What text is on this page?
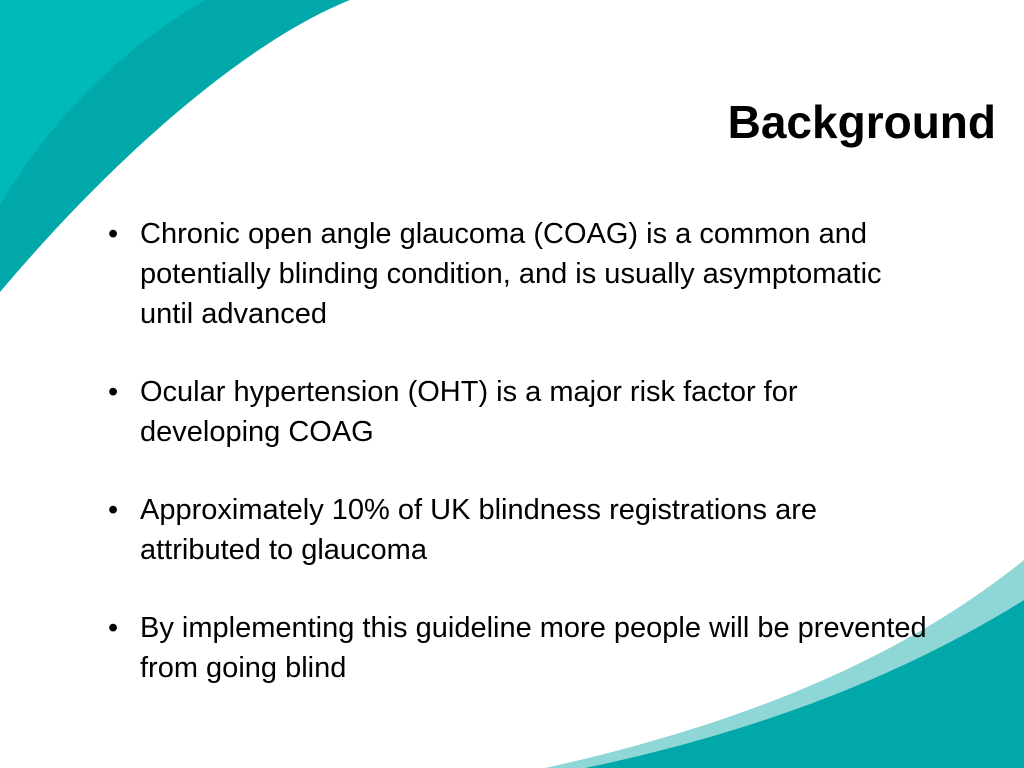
Background
• Chronic open angle glaucoma (COAG) is a common and potentially blinding condition, and is usually asymptomatic until advanced
• Ocular hypertension (OHT) is a major risk factor for developing COAG
• Approximately 10% of UK blindness registrations are attributed to glaucoma
• By implementing this guideline more people will be prevented from going blind
